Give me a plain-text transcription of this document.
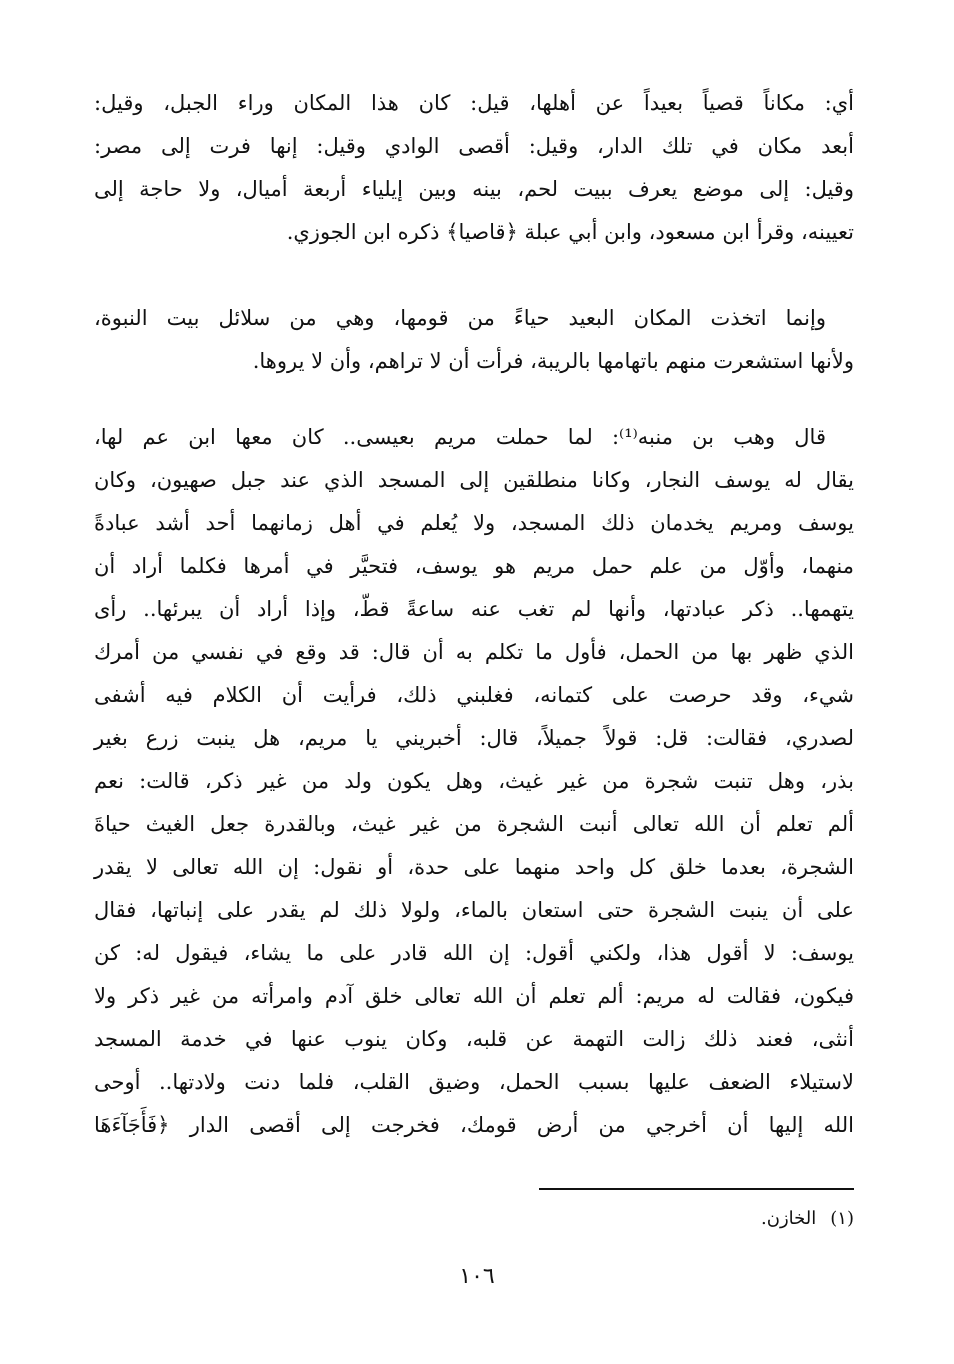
أي: مكاناً قصياً بعيداً عن أهلها، قيل: كان هذا المكان وراء الجبل، وقيل:
أبعد مكان في تلك الدار، وقيل: أقصى الوادي وقيل: إنها فرت إلى مصر:
وقيل: إلى موضع يعرف ببيت لحم، بينه وبين إيلياء أربعة أميال، ولا حاجة إلى
تعيينه، وقرأ ابن مسعود، وابن أبي عبلة ﴿قاصيا﴾ ذكره ابن الجوزي.
وإنما اتخذت المكان البعيد حياءً من قومها، وهي من سلائل بيت النبوة،
ولأنها استشعرت منهم باتهامها بالريبة، فرأت أن لا تراهم، وأن لا يروها.
قال وهب بن منبه⁽¹⁾: لما حملت مريم بعيسى.. كان معها ابن عم لها،
يقال له يوسف النجار، وكانا منطلقين إلى المسجد الذي عند جبل صهيون، وكان
يوسف ومريم يخدمان ذلك المسجد، ولا يُعلم في أهل زمانهما أحد أشد عبادةً
منهما، وأوّل من علم حمل مريم هو يوسف، فتحيَّر في أمرها فكلما أراد أن
يتهمها.. ذكر عبادتها، وأنها لم تغب عنه ساعةً قطّ، وإذا أراد أن يبرئها.. رأى
الذي ظهر بها من الحمل، فأول ما تكلم به أن قال: قد وقع في نفسي من أمرك
شيء، وقد حرصت على كتمانه، فغلبني ذلك، فرأيت أن الكلام فيه أشفى
لصدري، فقالت: قل: قولاً جميلاً، قال: أخبريني يا مريم، هل ينبت زرع بغير
بذر، وهل تنبت شجرة من غير غيث، وهل يكون ولد من غير ذكر، قالت: نعم
ألم تعلم أن الله تعالى أنبت الشجرة من غير غيث، وبالقدرة جعل الغيث حياةَ
الشجرة، بعدما خلق كل واحد منهما على حدة، أو نقول: إن الله تعالى لا يقدر
على أن ينبت الشجرة حتى استعان بالماء، ولولا ذلك لم يقدر على إنباتها، فقال
يوسف: لا أقول هذا، ولكني أقول: إن الله قادر على ما يشاء، فيقول له: كن
فيكون، فقالت له مريم: ألم تعلم أن الله تعالى خلق آدم وامرأته من غير ذكر ولا
أنثى، فعند ذلك زالت التهمة عن قلبه، وكان ينوب عنها في خدمة المسجد
لاستيلاء الضعف عليها بسبب الحمل، وضيق القلب، فلما دنت ولادتها.. أوحى
الله إليها أن أخرجي من أرض قومك، فخرجت إلى أقصى الدار ﴿فَأَجَآءَهَا
(١)الخازن.
١٠٦
